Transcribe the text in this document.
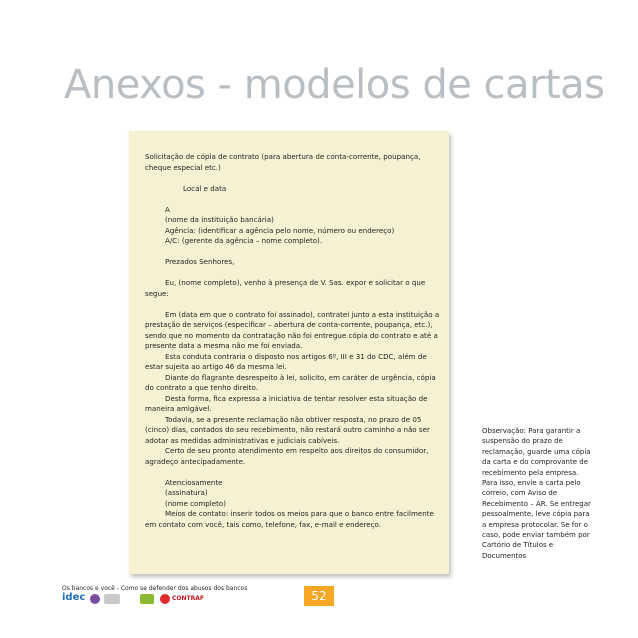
Anexos - modelos de cartas

Solicitação de cópia de contrato (para abertura de conta-corrente, poupança, cheque especial etc.)

Local e data

A

(nome da instituição bancária)

Agência: (identificar a agência pelo nome, número ou endereço)

A/C: (gerente da agência – nome completo).

Prezados Senhores,

Eu, (nome completo), venho à presença de V. Sas. expor e solicitar o que segue:

Em (data em que o contrato foi assinado), contratei junto a esta instituição a prestação de serviços (especificar – abertura de conta-corrente, poupança, etc.), sendo que no momento da contratação não foi entregue cópia do contrato e até a presente data a mesma não me foi enviada.

Esta conduta contraria o disposto nos artigos 6º, III e 31 do CDC, além de estar sujeita ao artigo 46 da mesma lei.

Diante do flagrante desrespeito à lei, solicito, em caráter de urgência, cópia do contrato a que tenho direito.

Desta forma, fica expressa a iniciativa de tentar resolver esta situação de maneira amigável.

Todavia, se a presente reclamação não obtiver resposta, no prazo de 05 (cinco) dias, contados do seu recebimento, não restará outro caminho a não ser adotar as medidas administrativas e judiciais cabíveis.

Certo de seu pronto atendimento em respeito aos direitos do consumidor, agradeço antecipadamente.

Atenciosamente

(assinatura)

(nome completo)

Meios de contato: inserir todos os meios para que o banco entre facilmente em contato com você, tais como, telefone, fax, e-mail e endereço.

Observação: Para garantir a suspensão do prazo de reclamação, guarde uma cópia da carta e do comprovante de recebimento pela empresa. Para isso, envie a carta pelo correio, com Aviso de Recebimento – AR. Se entregar pessoalmente, leve cópia para a empresa protocolar. Se for o caso, pode enviar também por Cartório de Títulos e Documentos
Os bancos e você - Como se defender dos abusos dos bancos
idec	CONTRAF	52
